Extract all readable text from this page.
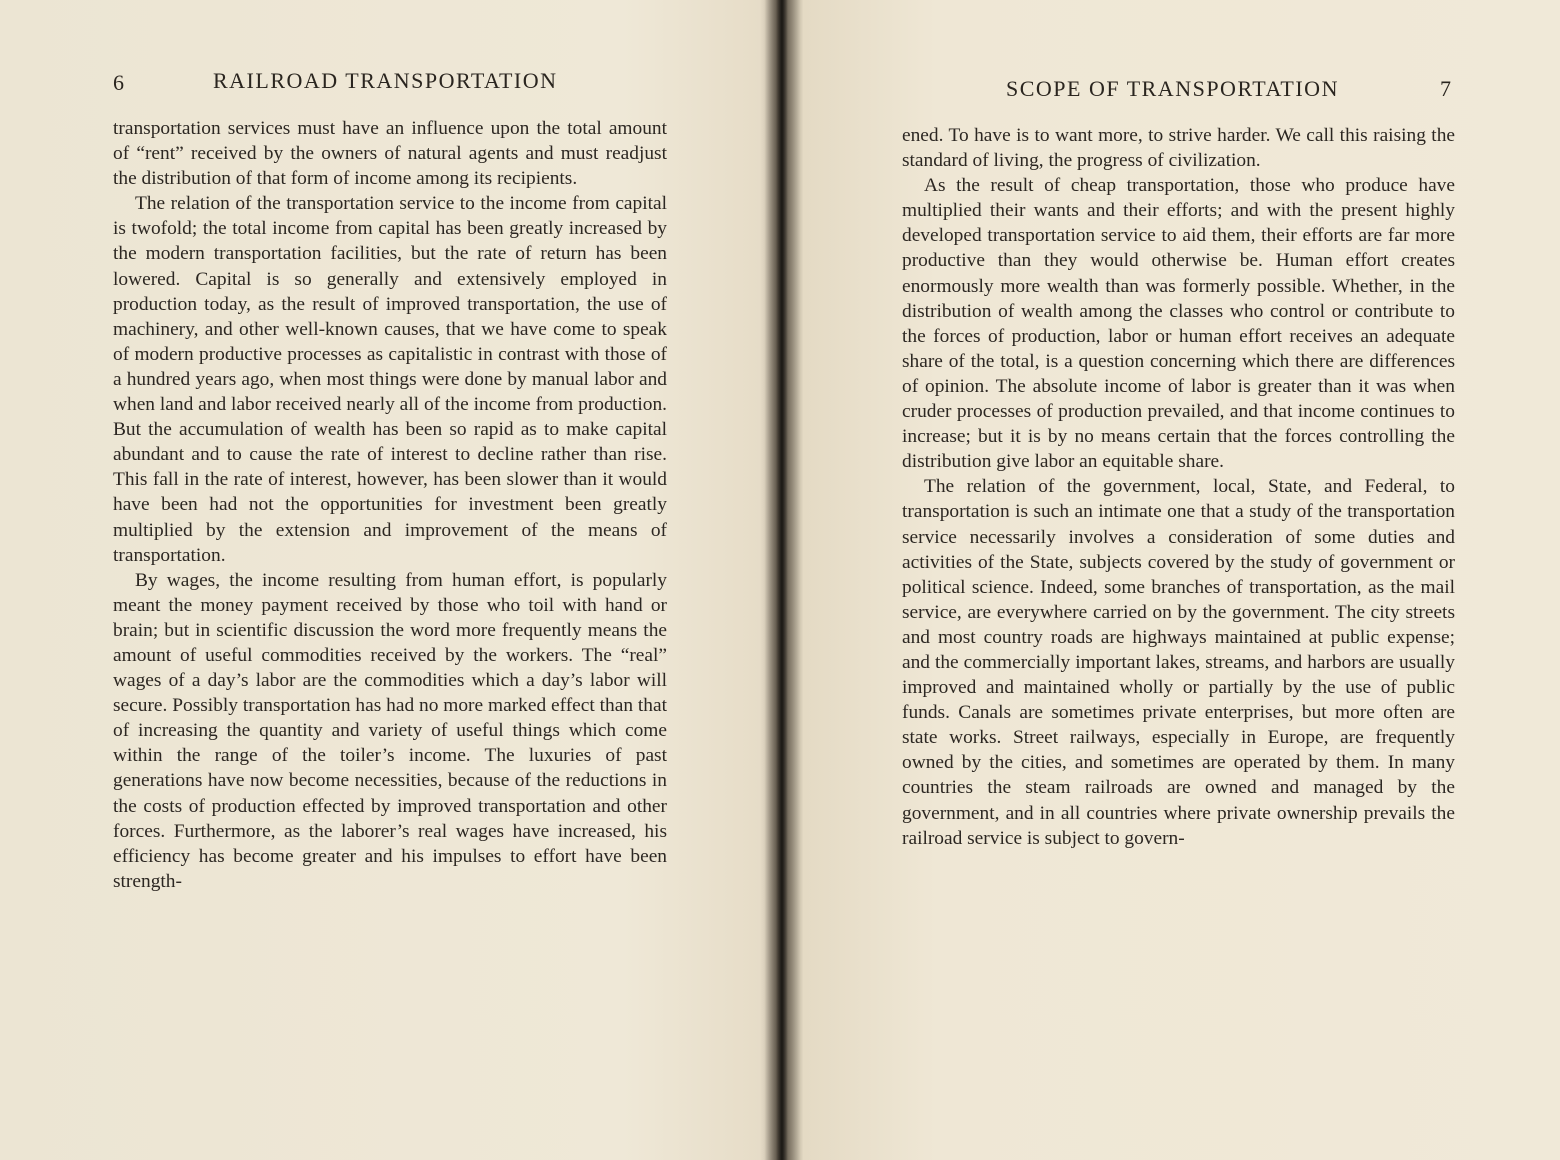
6	RAILROAD TRANSPORTATION

transportation services must have an influence upon the total amount of “rent” received by the owners of natural agents and must readjust the distribution of that form of income among its recipients.

The relation of the transportation service to the income from capital is twofold; the total income from capital has been greatly increased by the modern transportation facilities, but the rate of return has been lowered. Capital is so generally and extensively employed in production today, as the result of improved transportation, the use of machinery, and other well-known causes, that we have come to speak of modern productive processes as capitalistic in contrast with those of a hundred years ago, when most things were done by manual labor and when land and labor received nearly all of the income from production. But the accumulation of wealth has been so rapid as to make capital abundant and to cause the rate of interest to decline rather than rise. This fall in the rate of interest, however, has been slower than it would have been had not the opportunities for investment been greatly multiplied by the extension and improvement of the means of transportation.

By wages, the income resulting from human effort, is popularly meant the money payment received by those who toil with hand or brain; but in scientific discussion the word more frequently means the amount of useful commodities received by the workers. The “real” wages of a day’s labor are the commodities which a day’s labor will secure. Possibly transportation has had no more marked effect than that of increasing the quantity and variety of useful things which come within the range of the toiler’s income. The luxuries of past generations have now become necessities, because of the reductions in the costs of production effected by improved transportation and other forces. Furthermore, as the laborer’s real wages have increased, his efficiency has become greater and his impulses to effort have been strength-

SCOPE OF TRANSPORTATION	7

ened. To have is to want more, to strive harder. We call this raising the standard of living, the progress of civilization.

As the result of cheap transportation, those who produce have multiplied their wants and their efforts; and with the present highly developed transportation service to aid them, their efforts are far more productive than they would otherwise be. Human effort creates enormously more wealth than was formerly possible. Whether, in the distribution of wealth among the classes who control or contribute to the forces of production, labor or human effort receives an adequate share of the total, is a question concerning which there are differences of opinion. The absolute income of labor is greater than it was when cruder processes of production prevailed, and that income continues to increase; but it is by no means certain that the forces controlling the distribution give labor an equitable share.

The relation of the government, local, State, and Federal, to transportation is such an intimate one that a study of the transportation service necessarily involves a consideration of some duties and activities of the State, subjects covered by the study of government or political science. Indeed, some branches of transportation, as the mail service, are everywhere carried on by the government. The city streets and most country roads are highways maintained at public expense; and the commercially important lakes, streams, and harbors are usually improved and maintained wholly or partially by the use of public funds. Canals are sometimes private enterprises, but more often are state works. Street railways, especially in Europe, are frequently owned by the cities, and sometimes are operated by them. In many countries the steam railroads are owned and managed by the government, and in all countries where private ownership prevails the railroad service is subject to govern-
